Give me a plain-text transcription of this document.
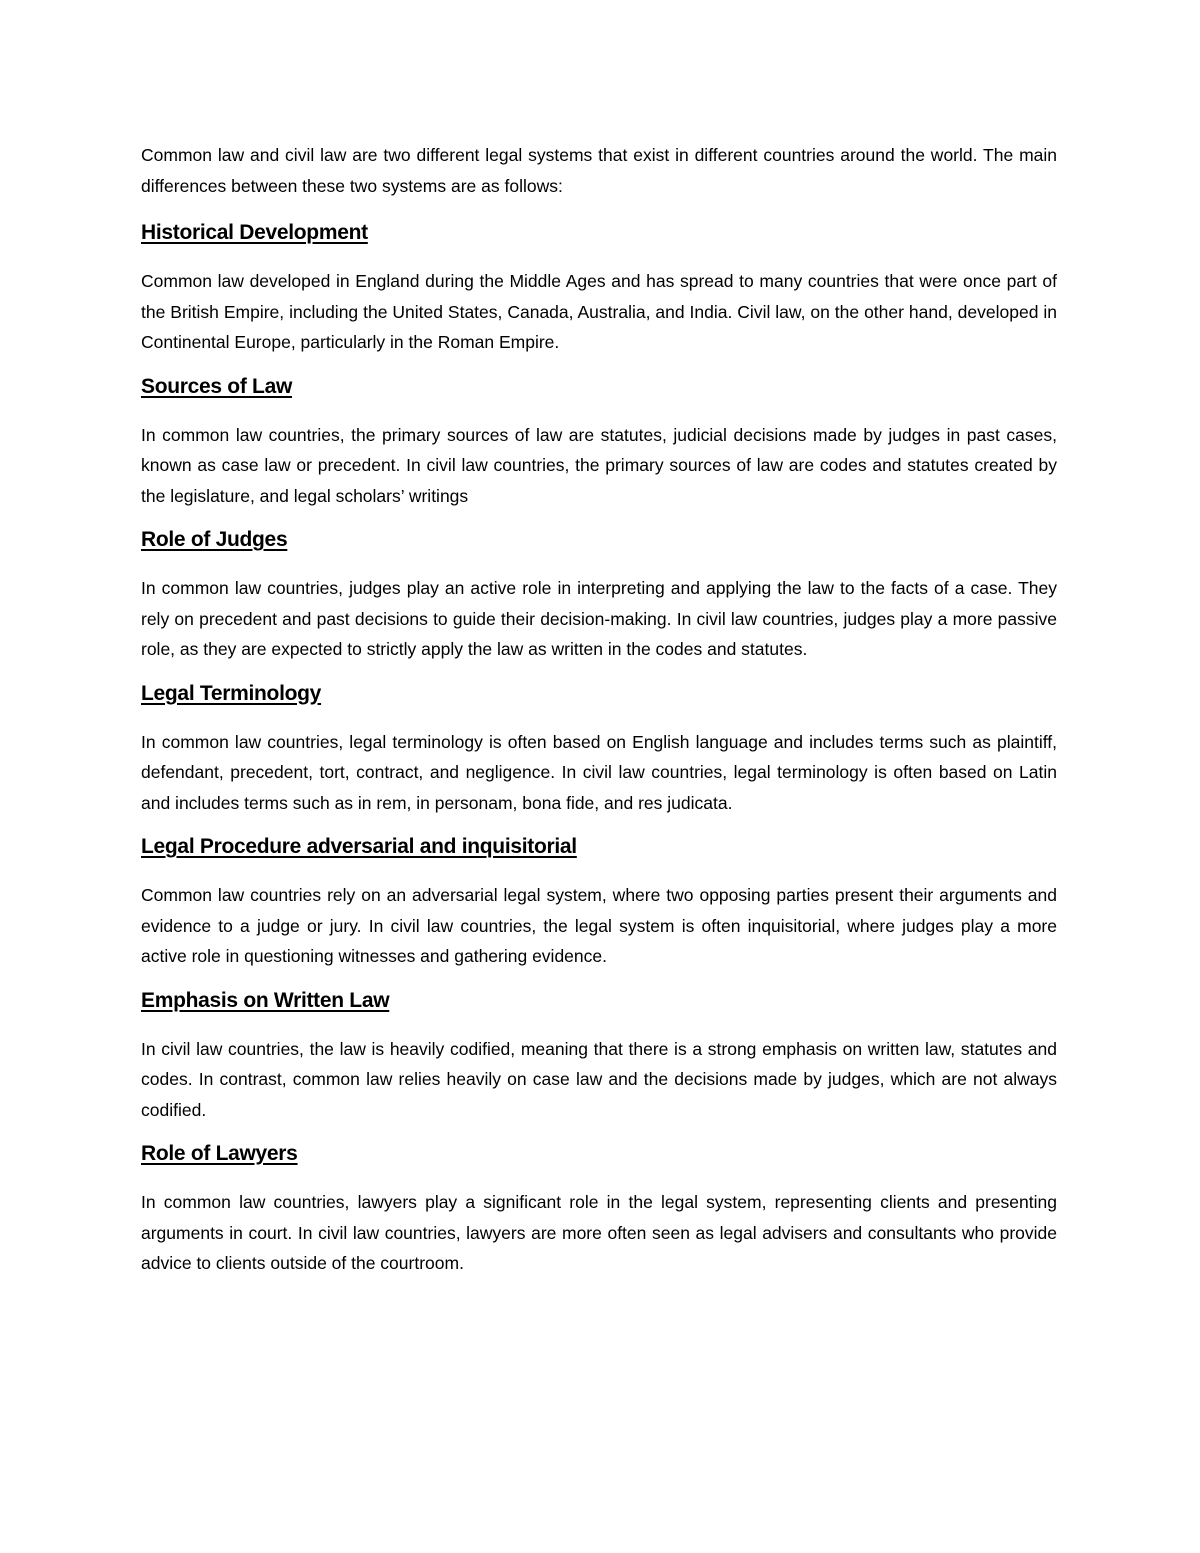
Common law and civil law are two different legal systems that exist in different countries around the world. The main differences between these two systems are as follows:

Historical Development

Common law developed in England during the Middle Ages and has spread to many countries that were once part of the British Empire, including the United States, Canada, Australia, and India. Civil law, on the other hand, developed in Continental Europe, particularly in the Roman Empire.

Sources of Law

In common law countries, the primary sources of law are statutes, judicial decisions made by judges in past cases, known as case law or precedent. In civil law countries, the primary sources of law are codes and statutes created by the legislature, and legal scholars’ writings

Role of Judges

In common law countries, judges play an active role in interpreting and applying the law to the facts of a case. They rely on precedent and past decisions to guide their decision-making. In civil law countries, judges play a more passive role, as they are expected to strictly apply the law as written in the codes and statutes.

Legal Terminology

In common law countries, legal terminology is often based on English language and includes terms such as plaintiff, defendant, precedent, tort, contract, and negligence. In civil law countries, legal terminology is often based on Latin and includes terms such as in rem, in personam, bona fide, and res judicata.

Legal Procedure adversarial and inquisitorial

Common law countries rely on an adversarial legal system, where two opposing parties present their arguments and evidence to a judge or jury. In civil law countries, the legal system is often inquisitorial, where judges play a more active role in questioning witnesses and gathering evidence.

Emphasis on Written Law

In civil law countries, the law is heavily codified, meaning that there is a strong emphasis on written law, statutes and codes. In contrast, common law relies heavily on case law and the decisions made by judges, which are not always codified.

Role of Lawyers

In common law countries, lawyers play a significant role in the legal system, representing clients and presenting arguments in court. In civil law countries, lawyers are more often seen as legal advisers and consultants who provide advice to clients outside of the courtroom.
